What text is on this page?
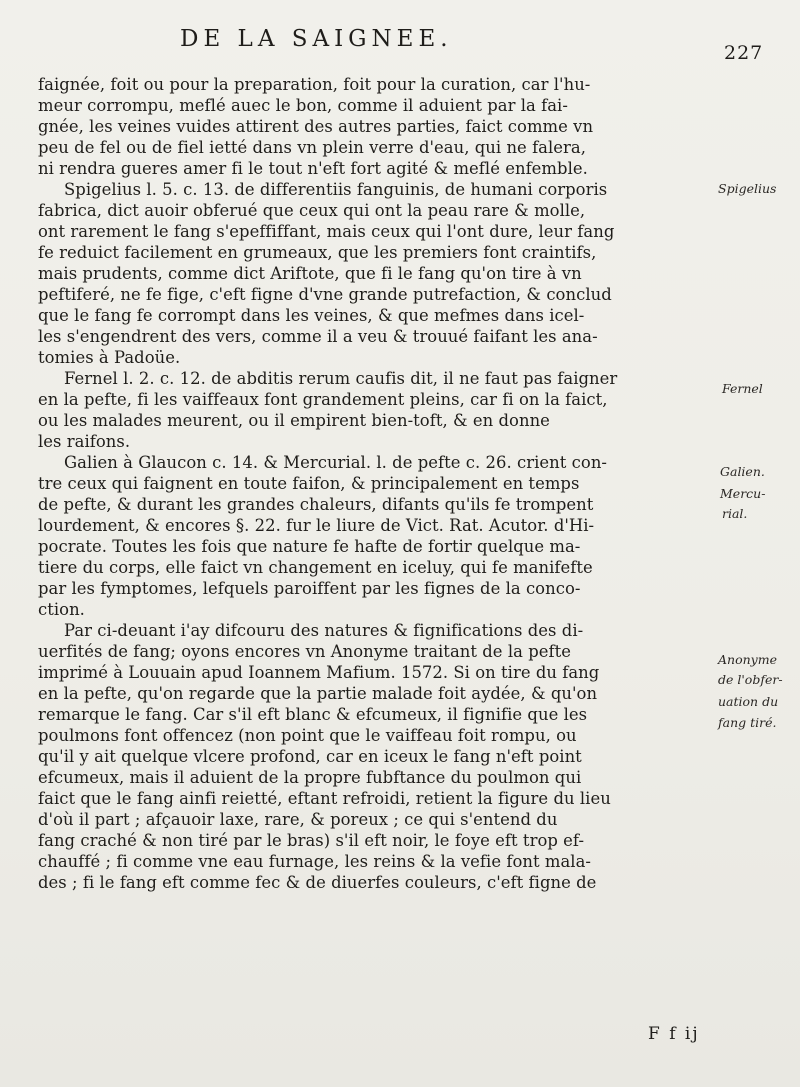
DE LA SAIGNEE.
227
faignée, foit ou pour la preparation, foit pour la curation, car l'hu-
meur corrompu, meflé auec le bon, comme il aduient par la fai-
gnée, les veines vuides attirent des autres parties, faict comme vn
peu de fel ou de fiel ietté dans vn plein verre d'eau, qui ne falera,
ni rendra gueres amer fi le tout n'eft fort agité & meflé enfemble.
Spigelius l. 5. c. 13. de differentiis fanguinis, de humani corporis
fabrica, dict auoir obferué que ceux qui ont la peau rare & molle,
ont rarement le fang s'epeffiffant, mais ceux qui l'ont dure, leur fang
fe reduict facilement en grumeaux, que les premiers font craintifs,
mais prudents, comme dict Ariftote, que fi le fang qu'on tire à vn
peftiferé, ne fe fige, c'eft figne d'vne grande putrefaction, & conclud
que le fang fe corrompt dans les veines, & que mefmes dans icel-
les s'engendrent des vers, comme il a veu & trouué faifant les ana-
tomies à Padoüe.
Fernel l. 2. c. 12. de abditis rerum caufis dit, il ne faut pas faigner
en la pefte, fi les vaiffeaux font grandement pleins, car fi on la faict,
ou les malades meurent, ou il empirent bien-toft, & en donne
les raifons.
Galien à Glaucon c. 14. & Mercurial. l. de pefte c. 26. crient con-
tre ceux qui faignent en toute faifon, & principalement en temps
de pefte, & durant les grandes chaleurs, difants qu'ils fe trompent
lourdement, & encores §. 22. fur le liure de Vict. Rat. Acutor. d'Hi-
pocrate. Toutes les fois que nature fe hafte de fortir quelque ma-
tiere du corps, elle faict vn changement en iceluy, qui fe manifefte
par les fymptomes, lefquels paroiffent par les fignes de la conco-
ction.
Par ci-deuant i'ay difcouru des natures & fignifications des di-
uerfités de fang; oyons encores vn Anonyme traitant de la pefte
imprimé à Louuain apud Ioannem Mafium. 1572. Si on tire du fang
en la pefte, qu'on regarde que la partie malade foit aydée, & qu'on
remarque le fang. Car s'il eft blanc & efcumeux, il fignifie que les
poulmons font offencez (non point que le vaiffeau foit rompu, ou
qu'il y ait quelque vlcere profond, car en iceux le fang n'eft point
efcumeux, mais il aduient de la propre fubftance du poulmon qui
faict que le fang ainfi reietté, eftant refroidi, retient la figure du lieu
d'où il part ; afçauoir laxe, rare, & poreux ; ce qui s'entend du
fang craché & non tiré par le bras) s'il eft noir, le foye eft trop ef-
chauffé ; fi comme vne eau furnage, les reins & la vefie font mala-
des ; fi le fang eft comme fec & de diuerfes couleurs, c'eft figne de
Spigelius
Fernel
Galien.
Mercu-
rial.
Anonyme
de l'obfer-
uation du
fang tiré.
F f ij
